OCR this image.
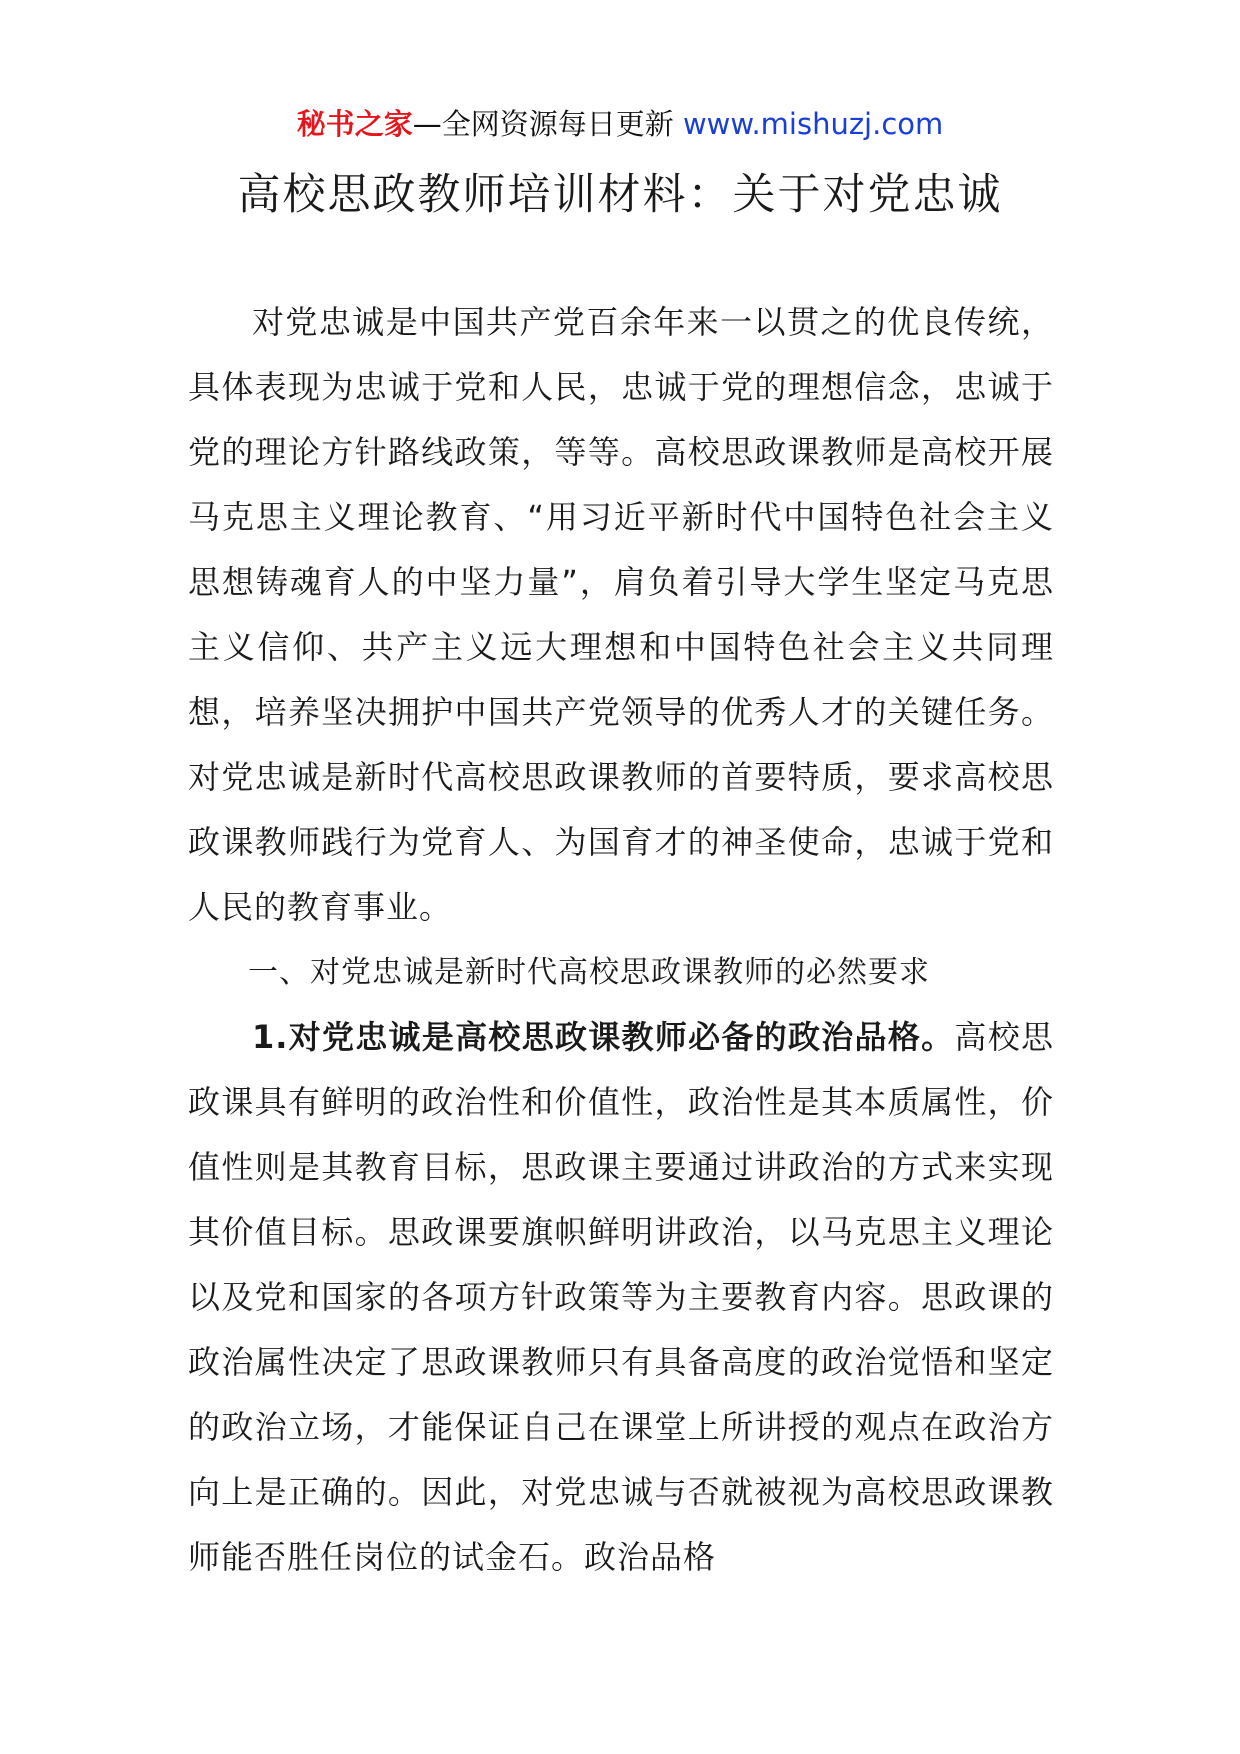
秘书之家—全网资源每日更新 www.mishuzj.com
高校思政教师培训材料：关于对党忠诚

对党忠诚是中国共产党百余年来一以贯之的优良传统，具体表现为忠诚于党和人民，忠诚于党的理想信念，忠诚于党的理论方针路线政策，等等。高校思政课教师是高校开展马克思主义理论教育、“用习近平新时代中国特色社会主义思想铸魂育人的中坚力量”，肩负着引导大学生坚定马克思主义信仰、共产主义远大理想和中国特色社会主义共同理想，培养坚决拥护中国共产党领导的优秀人才的关键任务。对党忠诚是新时代高校思政课教师的首要特质，要求高校思政课教师践行为党育人、为国育才的神圣使命，忠诚于党和人民的教育事业。

一、对党忠诚是新时代高校思政课教师的必然要求

1.对党忠诚是高校思政课教师必备的政治品格。高校思政课具有鲜明的政治性和价值性，政治性是其本质属性，价值性则是其教育目标，思政课主要通过讲政治的方式来实现其价值目标。思政课要旗帜鲜明讲政治，以马克思主义理论以及党和国家的各项方针政策等为主要教育内容。思政课的政治属性决定了思政课教师只有具备高度的政治觉悟和坚定的政治立场，才能保证自己在课堂上所讲授的观点在政治方向上是正确的。因此，对党忠诚与否就被视为高校思政课教师能否胜任岗位的试金石。政治品格
